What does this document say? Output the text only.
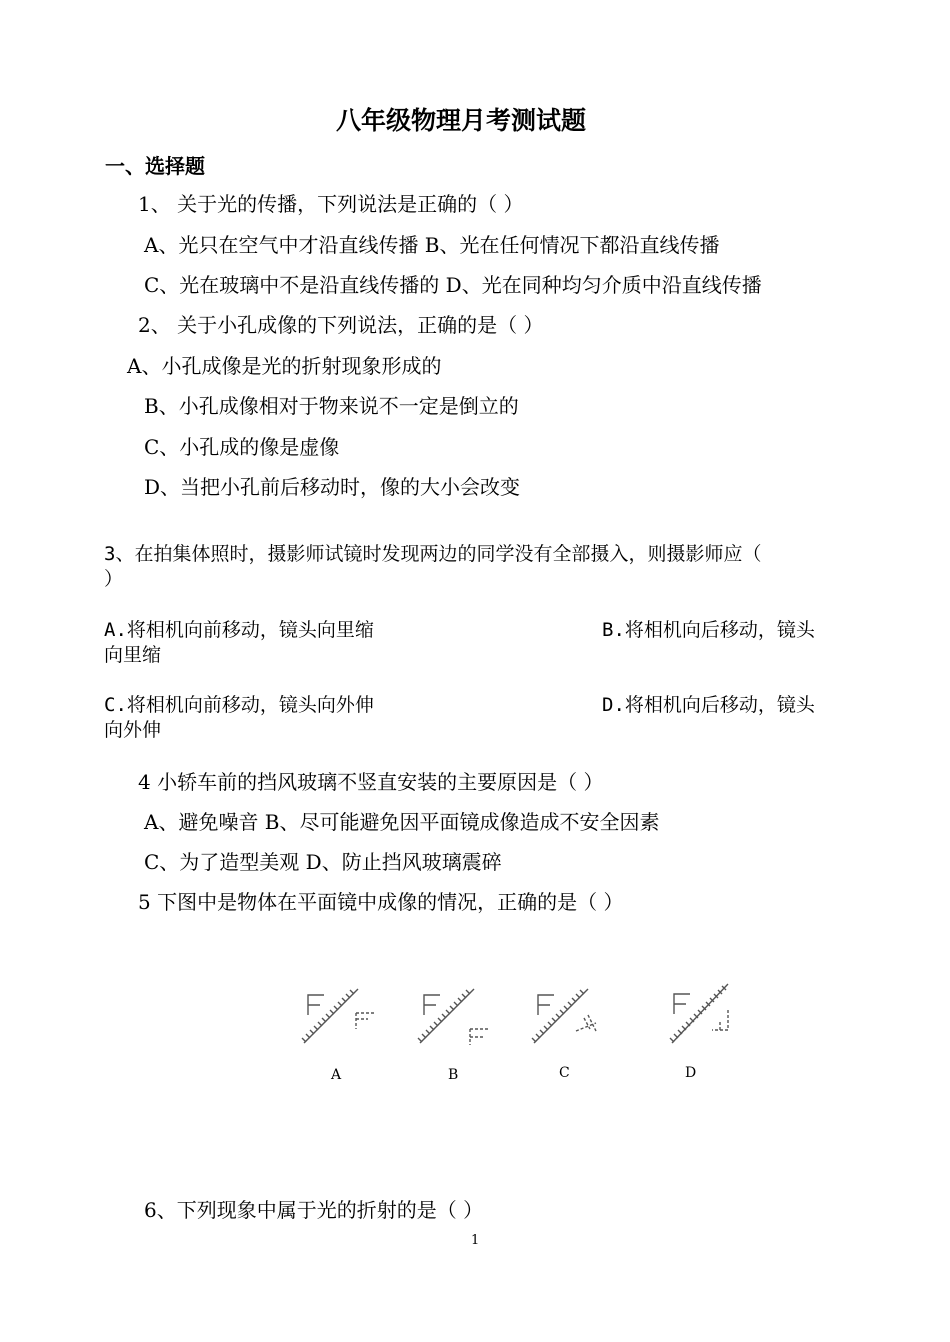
八年级物理月考测试题
一、选择题
1、 关于光的传播，下列说法是正确的（ ）
A、光只在空气中才沿直线传播 B、光在任何情况下都沿直线传播
C、光在玻璃中不是沿直线传播的 D、光在同种均匀介质中沿直线传播
2、 关于小孔成像的下列说法，正确的是（ ）
A、小孔成像是光的折射现象形成的
B、小孔成像相对于物来说不一定是倒立的
C、小孔成的像是虚像
D、当把小孔前后移动时，像的大小会改变
3、在拍集体照时，摄影师试镜时发现两边的同学没有全部摄入，则摄影师应（
）
A.将相机向前移动，镜头向里缩	B.将相机向后移动，镜头
向里缩
C.将相机向前移动，镜头向外伸	D.将相机向后移动，镜头
向外伸
4 小轿车前的挡风玻璃不竖直安装的主要原因是（ ）
A、避免噪音 B、尽可能避免因平面镜成像造成不安全因素
C、为了造型美观 D、防止挡风玻璃震碎
5 下图中是物体在平面镜中成像的情况，正确的是（ ）
A	B	C	D
6、下列现象中属于光的折射的是（ ）
1
